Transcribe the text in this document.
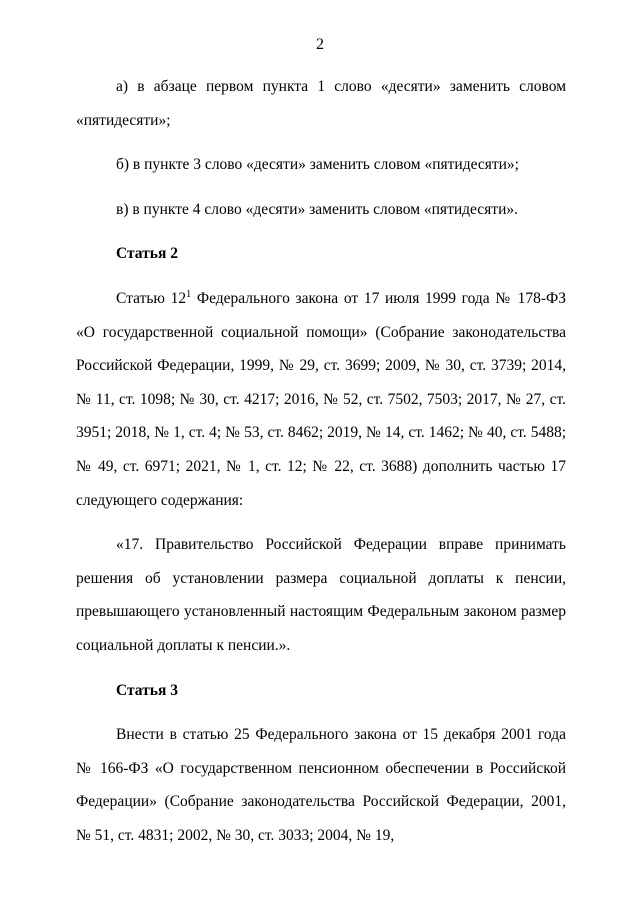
2

а) в абзаце первом пункта 1 слово «десяти» заменить словом «пятидесяти»;

б) в пункте 3 слово «десяти» заменить словом «пятидесяти»;

в) в пункте 4 слово «десяти» заменить словом «пятидесяти».

Статья 2

Статью $12^1$ Федерального закона от 17 июля 1999 года № 178-ФЗ «О государственной социальной помощи» (Собрание законодательства Российской Федерации, 1999, № 29, ст. 3699; 2009, № 30, ст. 3739; 2014, № 11, ст. 1098; № 30, ст. 4217; 2016, № 52, ст. 7502, 7503; 2017, № 27, ст. 3951; 2018, № 1, ст. 4; № 53, ст. 8462; 2019, № 14, ст. 1462; № 40, ст. 5488; № 49, ст. 6971; 2021, № 1, ст. 12; № 22, ст. 3688) дополнить частью 17 следующего содержания:

«17. Правительство Российской Федерации вправе принимать решения об установлении размера социальной доплаты к пенсии, превышающего установленный настоящим Федеральным законом размер социальной доплаты к пенсии.».

Статья 3

Внести в статью 25 Федерального закона от 15 декабря 2001 года № 166-ФЗ «О государственном пенсионном обеспечении в Российской Федерации» (Собрание законодательства Российской Федерации, 2001, № 51, ст. 4831; 2002, № 30, ст. 3033; 2004, № 19,
